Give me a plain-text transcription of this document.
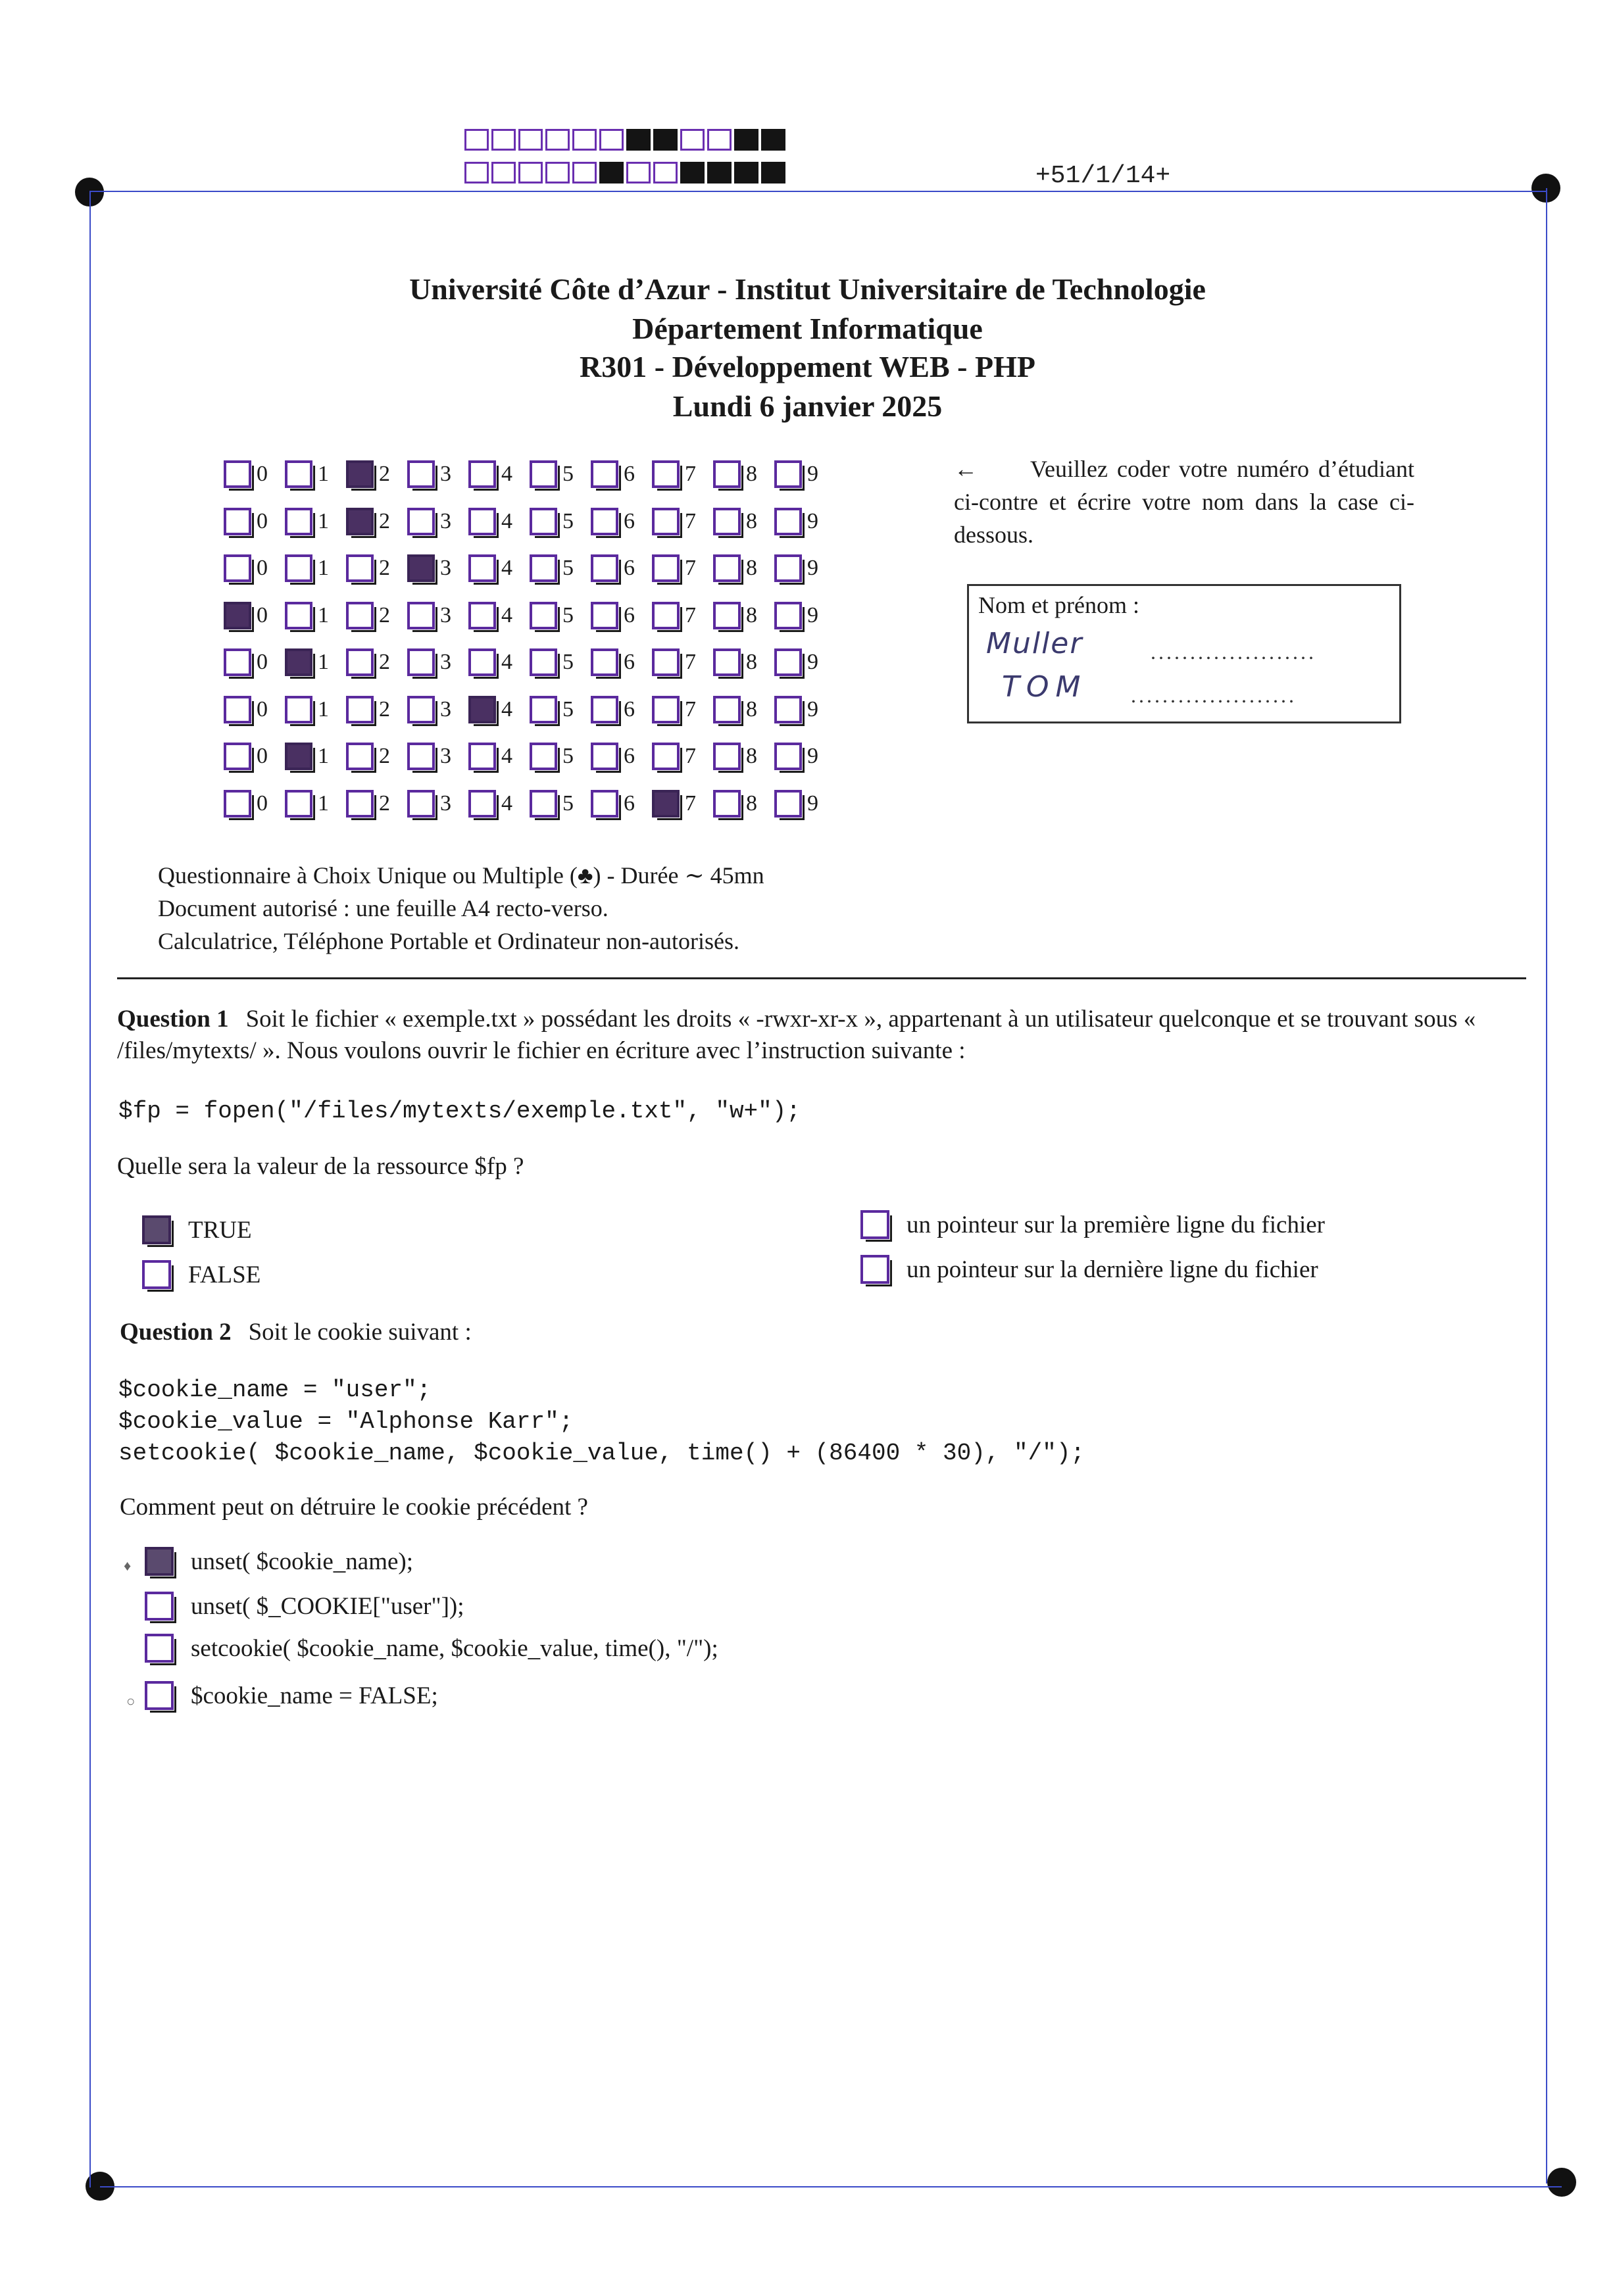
+51/1/14+
Université Côte d’Azur - Institut Universitaire de Technologie
Département Informatique
R301 - Développement WEB - PHP
Lundi 6 janvier 2025
0 1 2 3 4 5 6 7 8 9
0 1 2 3 4 5 6 7 8 9
0 1 2 3 4 5 6 7 8 9
0 1 2 3 4 5 6 7 8 9
0 1 2 3 4 5 6 7 8 9
0 1 2 3 4 5 6 7 8 9
0 1 2 3 4 5 6 7 8 9
0 1 2 3 4 5 6 7 8 9
← Veuillez coder votre numéro d’étudiant ci-contre et écrire votre nom dans la case ci-dessous.
Nom et prénom :
Muller	.....................
TOM .....................
Questionnaire à Choix Unique ou Multiple (♣) - Durée ∼ 45mn
Document autorisé : une feuille A4 recto-verso.
Calculatrice, Téléphone Portable et Ordinateur non-autorisés.
Question 1 Soit le fichier « exemple.txt » possédant les droits « -rwxr-xr-x », appartenant à un utilisateur quelconque et se trouvant sous « /files/mytexts/ ». Nous voulons ouvrir le fichier en écriture avec l’instruction suivante :
$fp = fopen("/files/mytexts/exemple.txt", "w+");
Quelle sera la valeur de la ressource $fp ?
TRUE
FALSE
un pointeur sur la première ligne du fichier
un pointeur sur la dernière ligne du fichier
Question 2 Soit le cookie suivant :
$cookie_name = "user";
$cookie_value = "Alphonse Karr";
setcookie( $cookie_name, $cookie_value, time() + (86400 * 30), "/");
Comment peut on détruire le cookie précédent ?
♦ unset( $cookie_name);
unset( $_COOKIE["user"]);
setcookie( $cookie_name, $cookie_value, time(), "/");
○ $cookie_name = FALSE;
